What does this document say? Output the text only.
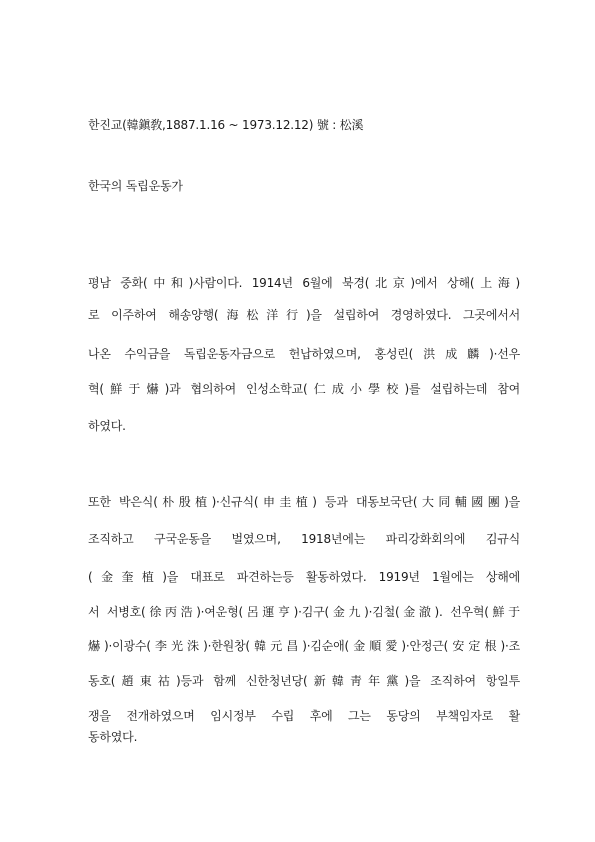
한진교(韓鎭敎,1887.1.16 ~ 1973.12.12) 號 : 松溪
한국의 독립운동가
평남 중화(中和)사람이다. 1914년 6월에 북경(北京)에서 상해(上海)
로 이주하여 해송양행(海松洋行)을 설립하여 경영하였다. 그곳에서서
나온 수익금을 독립운동자금으로 헌납하였으며, 홍성린(洪成麟)·선우
혁(鮮于爀)과 협의하여 인성소학교(仁成小學校)를 설립하는데 참여
하였다.
또한 박은식(朴殷植)·신규식(申圭植) 등과 대동보국단(大同輔國團)을
조직하고 구국운동을 벌였으며, 1918년에는 파리강화회의에 김규식
(金奎植)을 대표로 파견하는등 활동하였다. 1919년 1월에는 상해에
서 서병호(徐丙浩)·여운형(呂運亨)·김구(金九)·김철(金澈). 선우혁(鮮于
爀)·이광수(李光洙)·한원창(韓元昌)·김순애(金順愛)·안정근(安定根)·조
동호(趙東祜)등과 함께 신한청년당(新韓靑年黨)을 조직하여 항일투
쟁을 전개하였으며 임시정부 수립 후에 그는 동당의 부책임자로 활
동하였다.
